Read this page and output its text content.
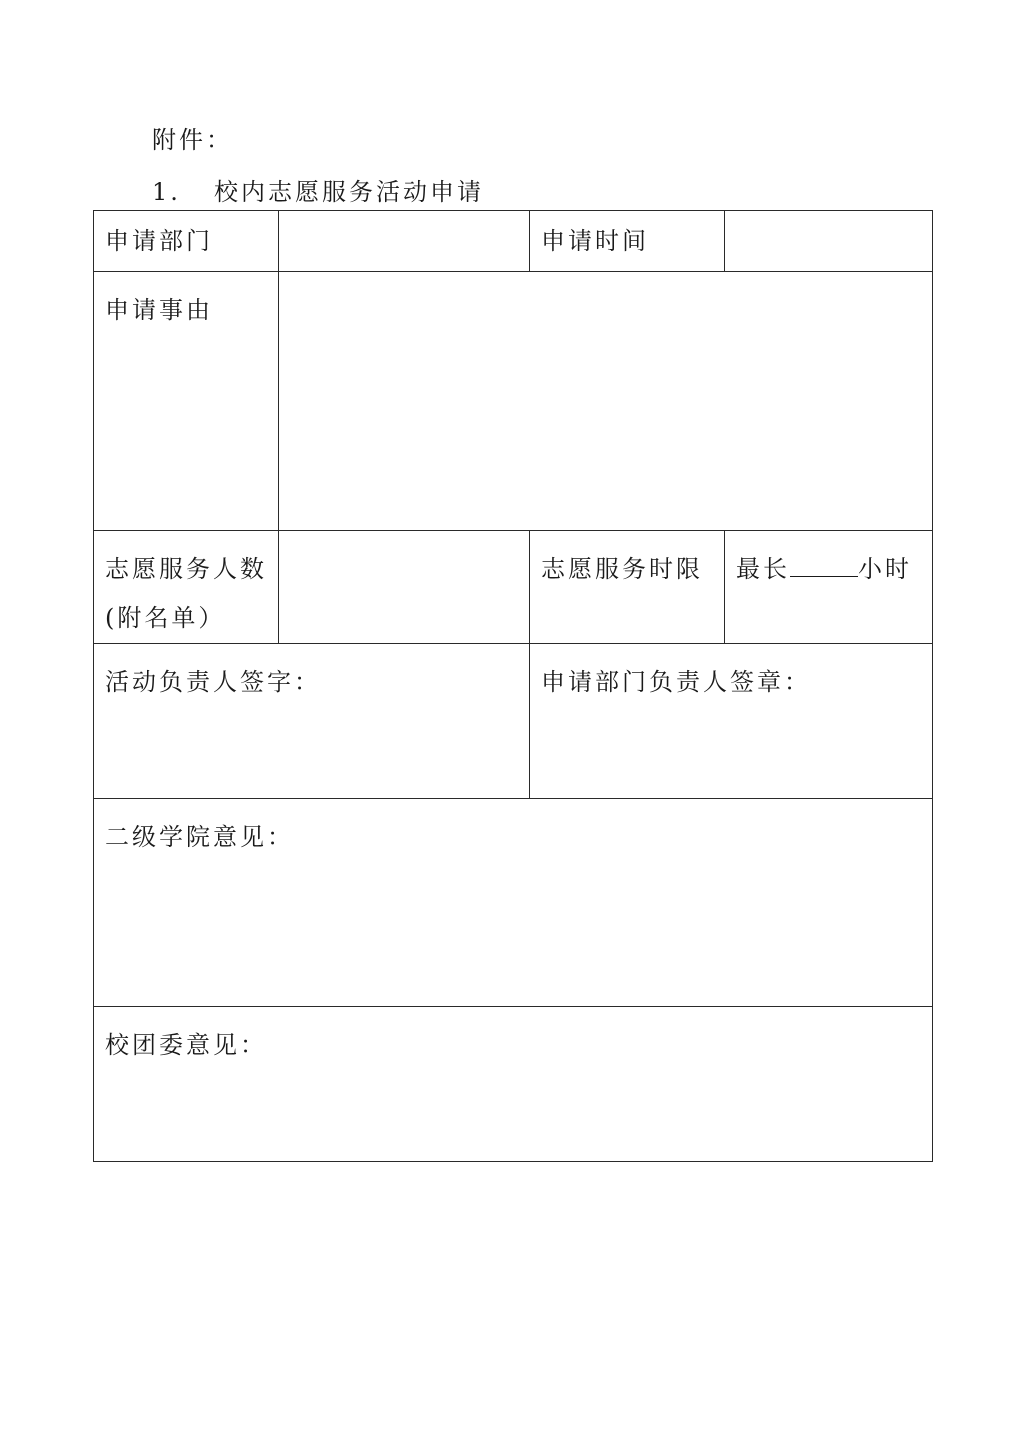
附件：
1. 校内志愿服务活动申请
申请部门		申请时间	
申请事由			

志愿服务人数
(附名单）		志愿服务时限	最长 小时
活动负责人签字：		申请部门负责人签章：	
二级学院意见：			
校团委意见：			
